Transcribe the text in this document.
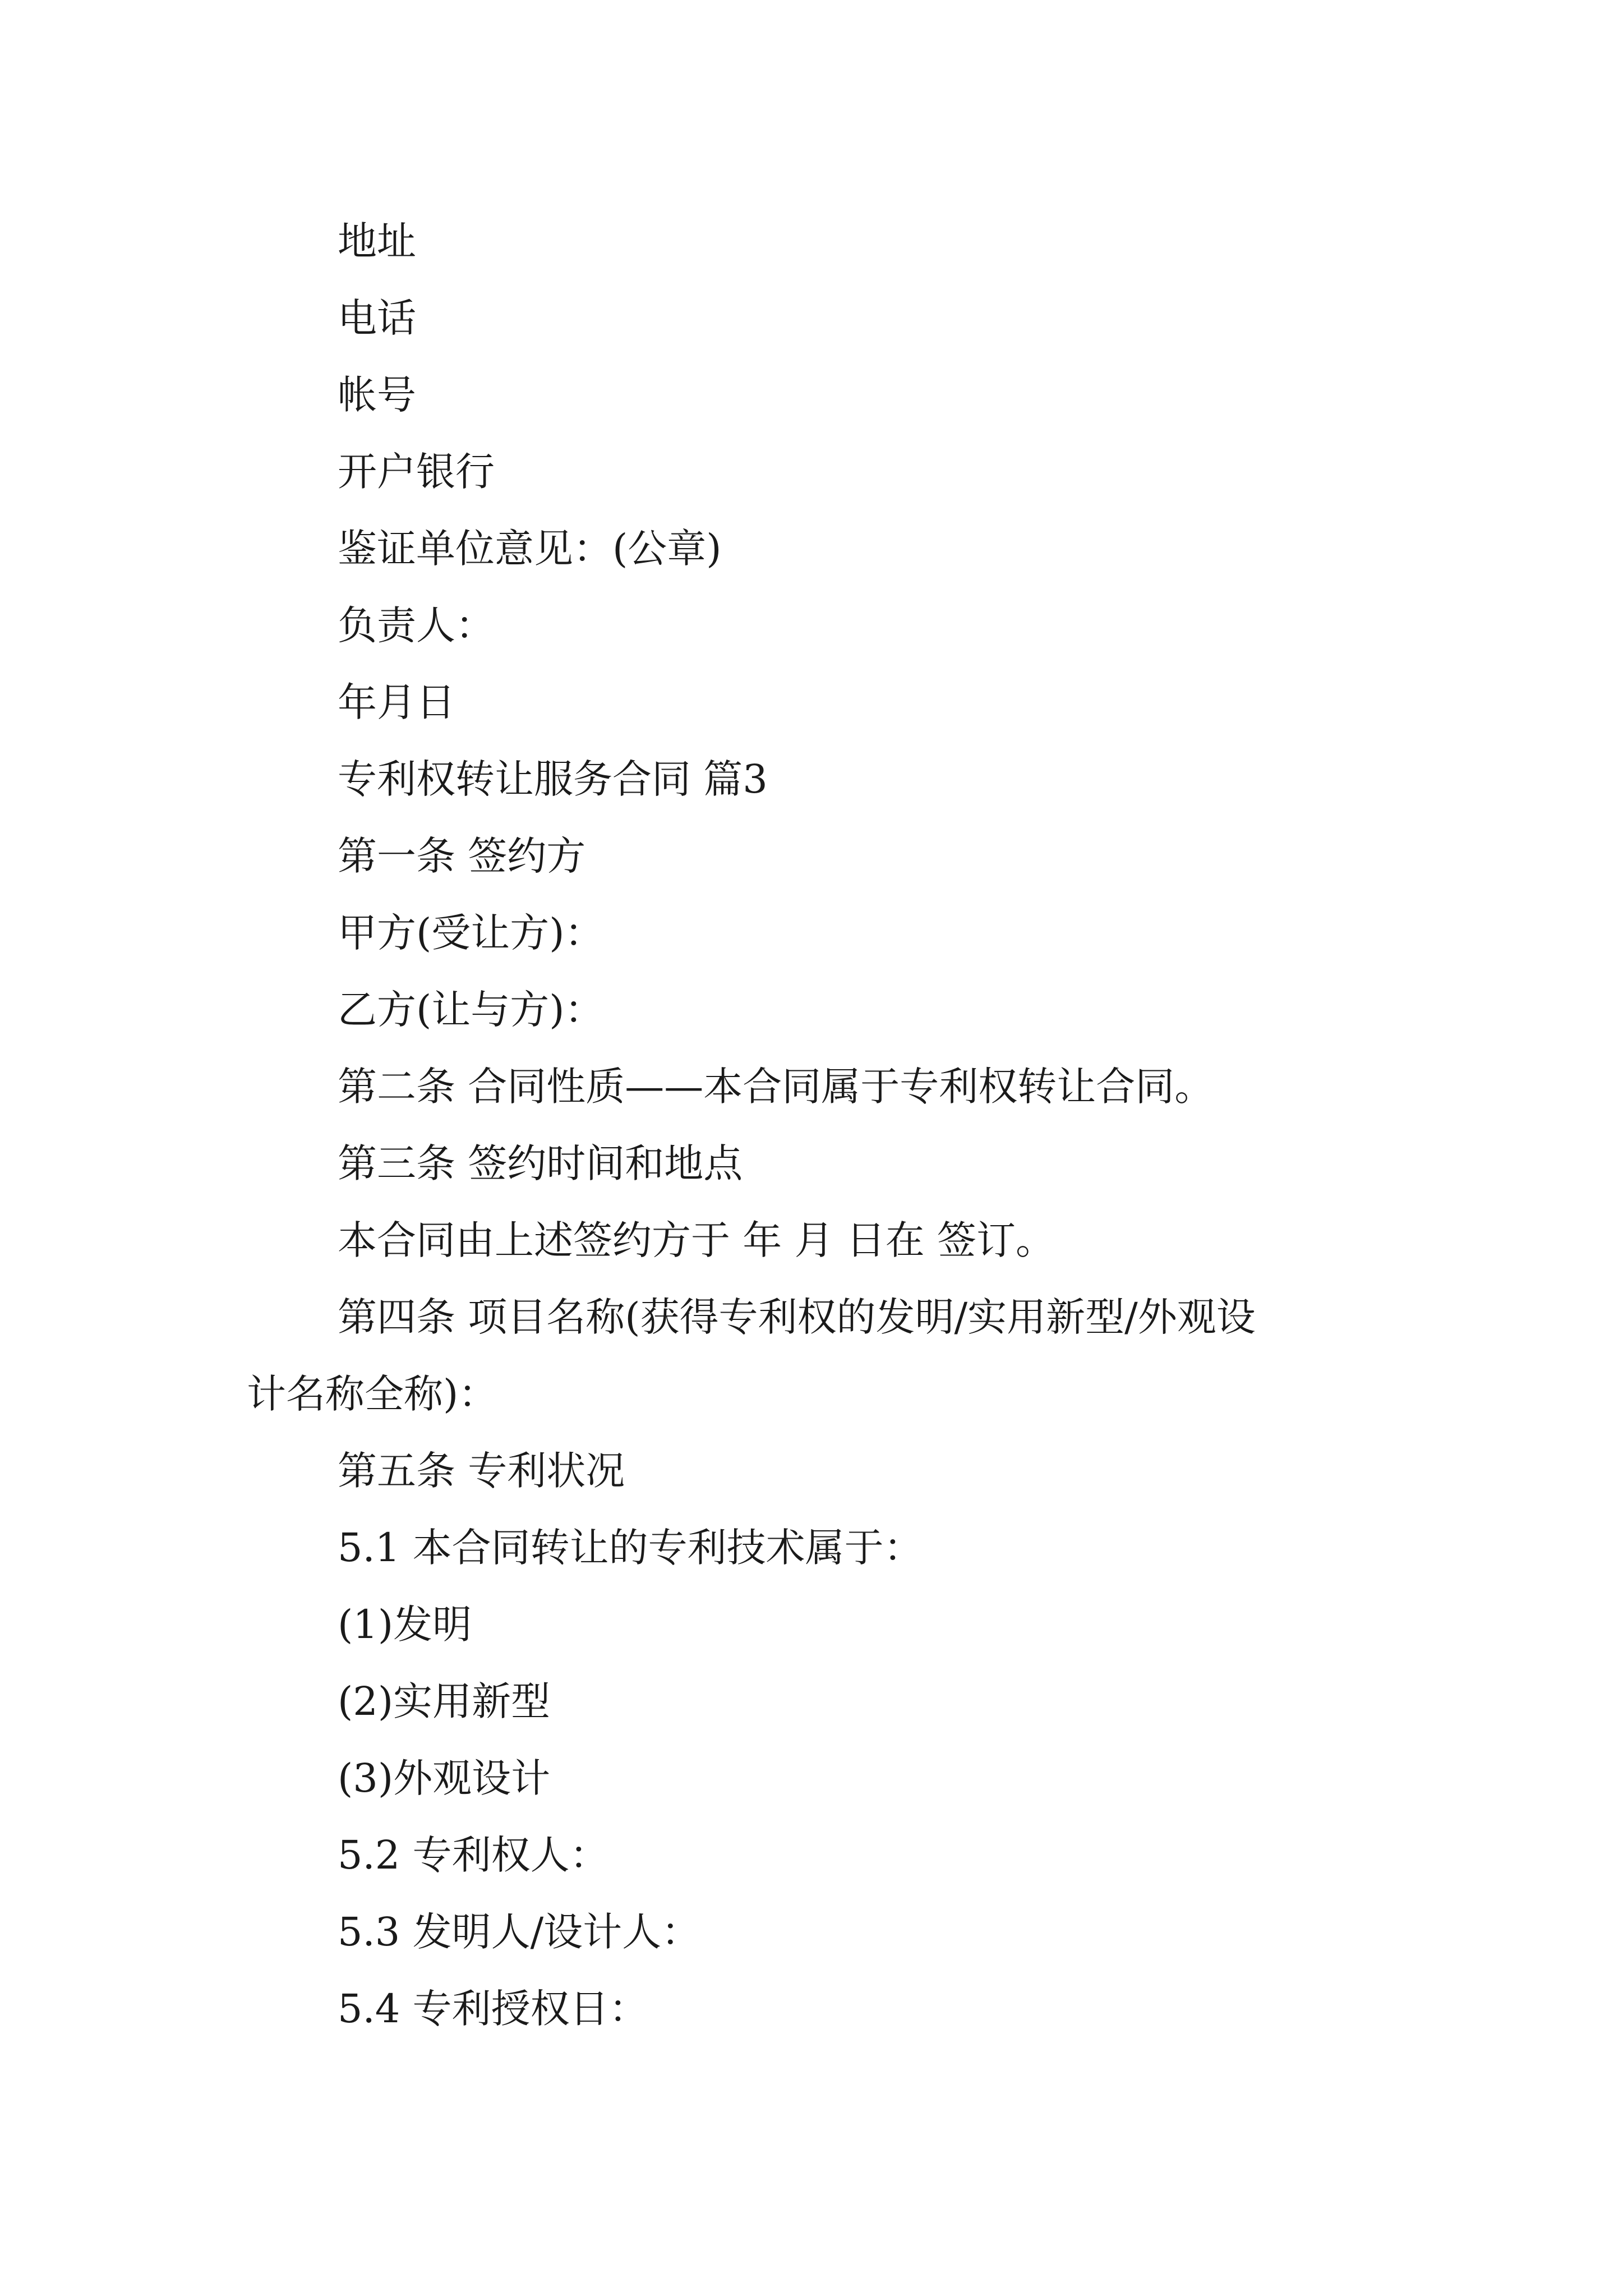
地址
电话
帐号
开户银行
鉴证单位意见：(公章)
负责人：
年月日
专利权转让服务合同 篇3
第一条 签约方
甲方(受让方)：
乙方(让与方)：
第二条 合同性质——本合同属于专利权转让合同。
第三条 签约时间和地点
本合同由上述签约方于 年 月 日在 签订。
第四条 项目名称(获得专利权的发明/实用新型/外观设
计名称全称)：
第五条 专利状况
5.1 本合同转让的专利技术属于：
(1)发明
(2)实用新型
(3)外观设计
5.2 专利权人：
5.3 发明人/设计人：
5.4 专利授权日：
